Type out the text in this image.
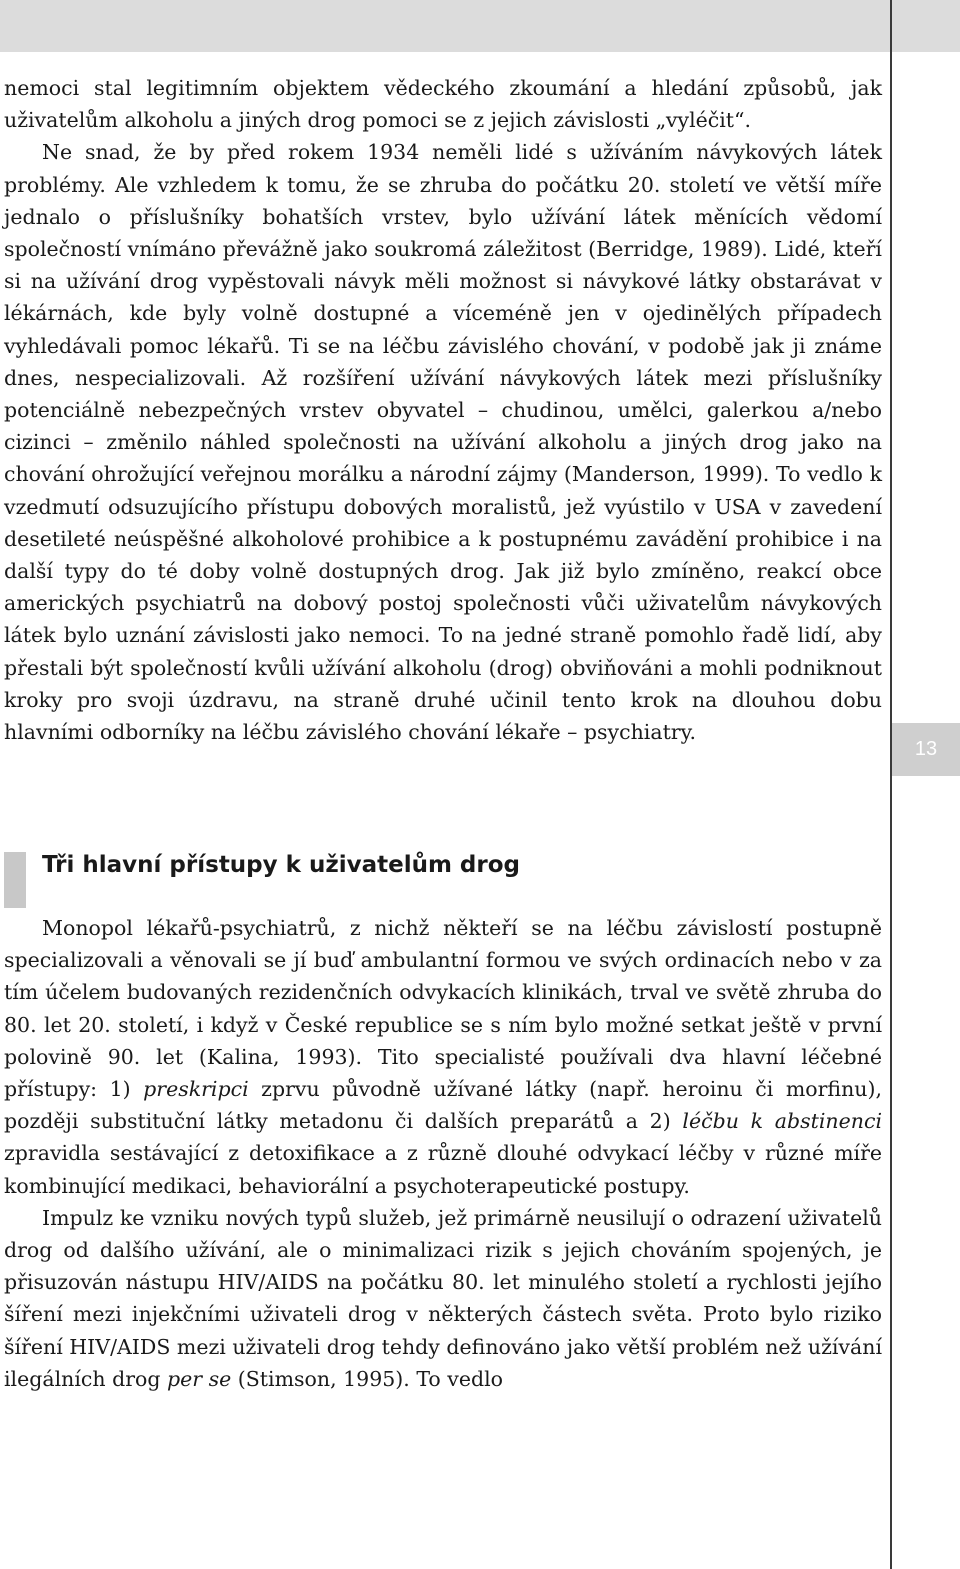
13

nemoci stal legitimním objektem vědeckého zkoumání a hledání způsobů, jak uživatelům alkoholu a jiných drog pomoci se z jejich závislosti „vyléčit“.

Ne snad, že by před rokem 1934 neměli lidé s užíváním návykových látek problémy. Ale vzhledem k tomu, že se zhruba do počátku 20. století ve větší míře jednalo o příslušníky bohatších vrstev, bylo užívání látek měnících vědomí společností vnímáno převážně jako soukromá záležitost (Berridge, 1989). Lidé, kteří si na užívání drog vypěstovali návyk měli možnost si návykové látky obstarávat v lékárnách, kde byly volně dostupné a víceméně jen v ojedinělých případech vyhledávali pomoc lékařů. Ti se na léčbu závislého chování, v podobě jak ji známe dnes, nespecializovali. Až rozšíření užívání návykových látek mezi příslušníky potenciálně nebezpečných vrstev obyvatel – chudinou, umělci, galerkou a/nebo cizinci – změnilo náhled společnosti na užívání alkoholu a jiných drog jako na chování ohrožující veřejnou morálku a národní zájmy (Manderson, 1999). To vedlo k vzedmutí odsuzujícího přístupu dobových moralistů, jež vyústilo v USA v zavedení desetileté neúspěšné alkoholové prohibice a k postupnému zavádění prohibice i na další typy do té doby volně dostupných drog. Jak již bylo zmíněno, reakcí obce amerických psychiatrů na dobový postoj společnosti vůči uživatelům návykových látek bylo uznání závislosti jako nemoci. To na jedné straně pomohlo řadě lidí, aby přestali být společností kvůli užívání alkoholu (drog) obviňováni a mohli podniknout kroky pro svoji úzdravu, na straně druhé učinil tento krok na dlouhou dobu hlavními odborníky na léčbu závislého chování lékaře – psychiatry.

Tři hlavní přístupy k uživatelům drog

Monopol lékařů-psychiatrů, z nichž někteří se na léčbu závislostí postupně specializovali a věnovali se jí buď ambulantní formou ve svých ordinacích nebo v za tím účelem budovaných rezidenčních odvykacích klinikách, trval ve světě zhruba do 80. let 20. století, i když v České republice se s ním bylo možné setkat ještě v první polovině 90. let (Kalina, 1993). Tito specialisté používali dva hlavní léčebné přístupy: 1) preskripci zprvu původně užívané látky (např. heroinu či morfinu), později substituční látky metadonu či dalších preparátů a 2) léčbu k abstinenci zpravidla sestávající z detoxifikace a z různě dlouhé odvykací léčby v různé míře kombinující medikaci, behaviorální a psychoterapeutické postupy.

Impulz ke vzniku nových typů služeb, jež primárně neusilují o odrazení uživatelů drog od dalšího užívání, ale o minimalizaci rizik s jejich chováním spojených, je přisuzován nástupu HIV/AIDS na počátku 80. let minulého století a rychlosti jejího šíření mezi injekčními uživateli drog v některých částech světa. Proto bylo riziko šíření HIV/AIDS mezi uživateli drog tehdy definováno jako větší problém než užívání ilegálních drog per se (Stimson, 1995). To vedlo
